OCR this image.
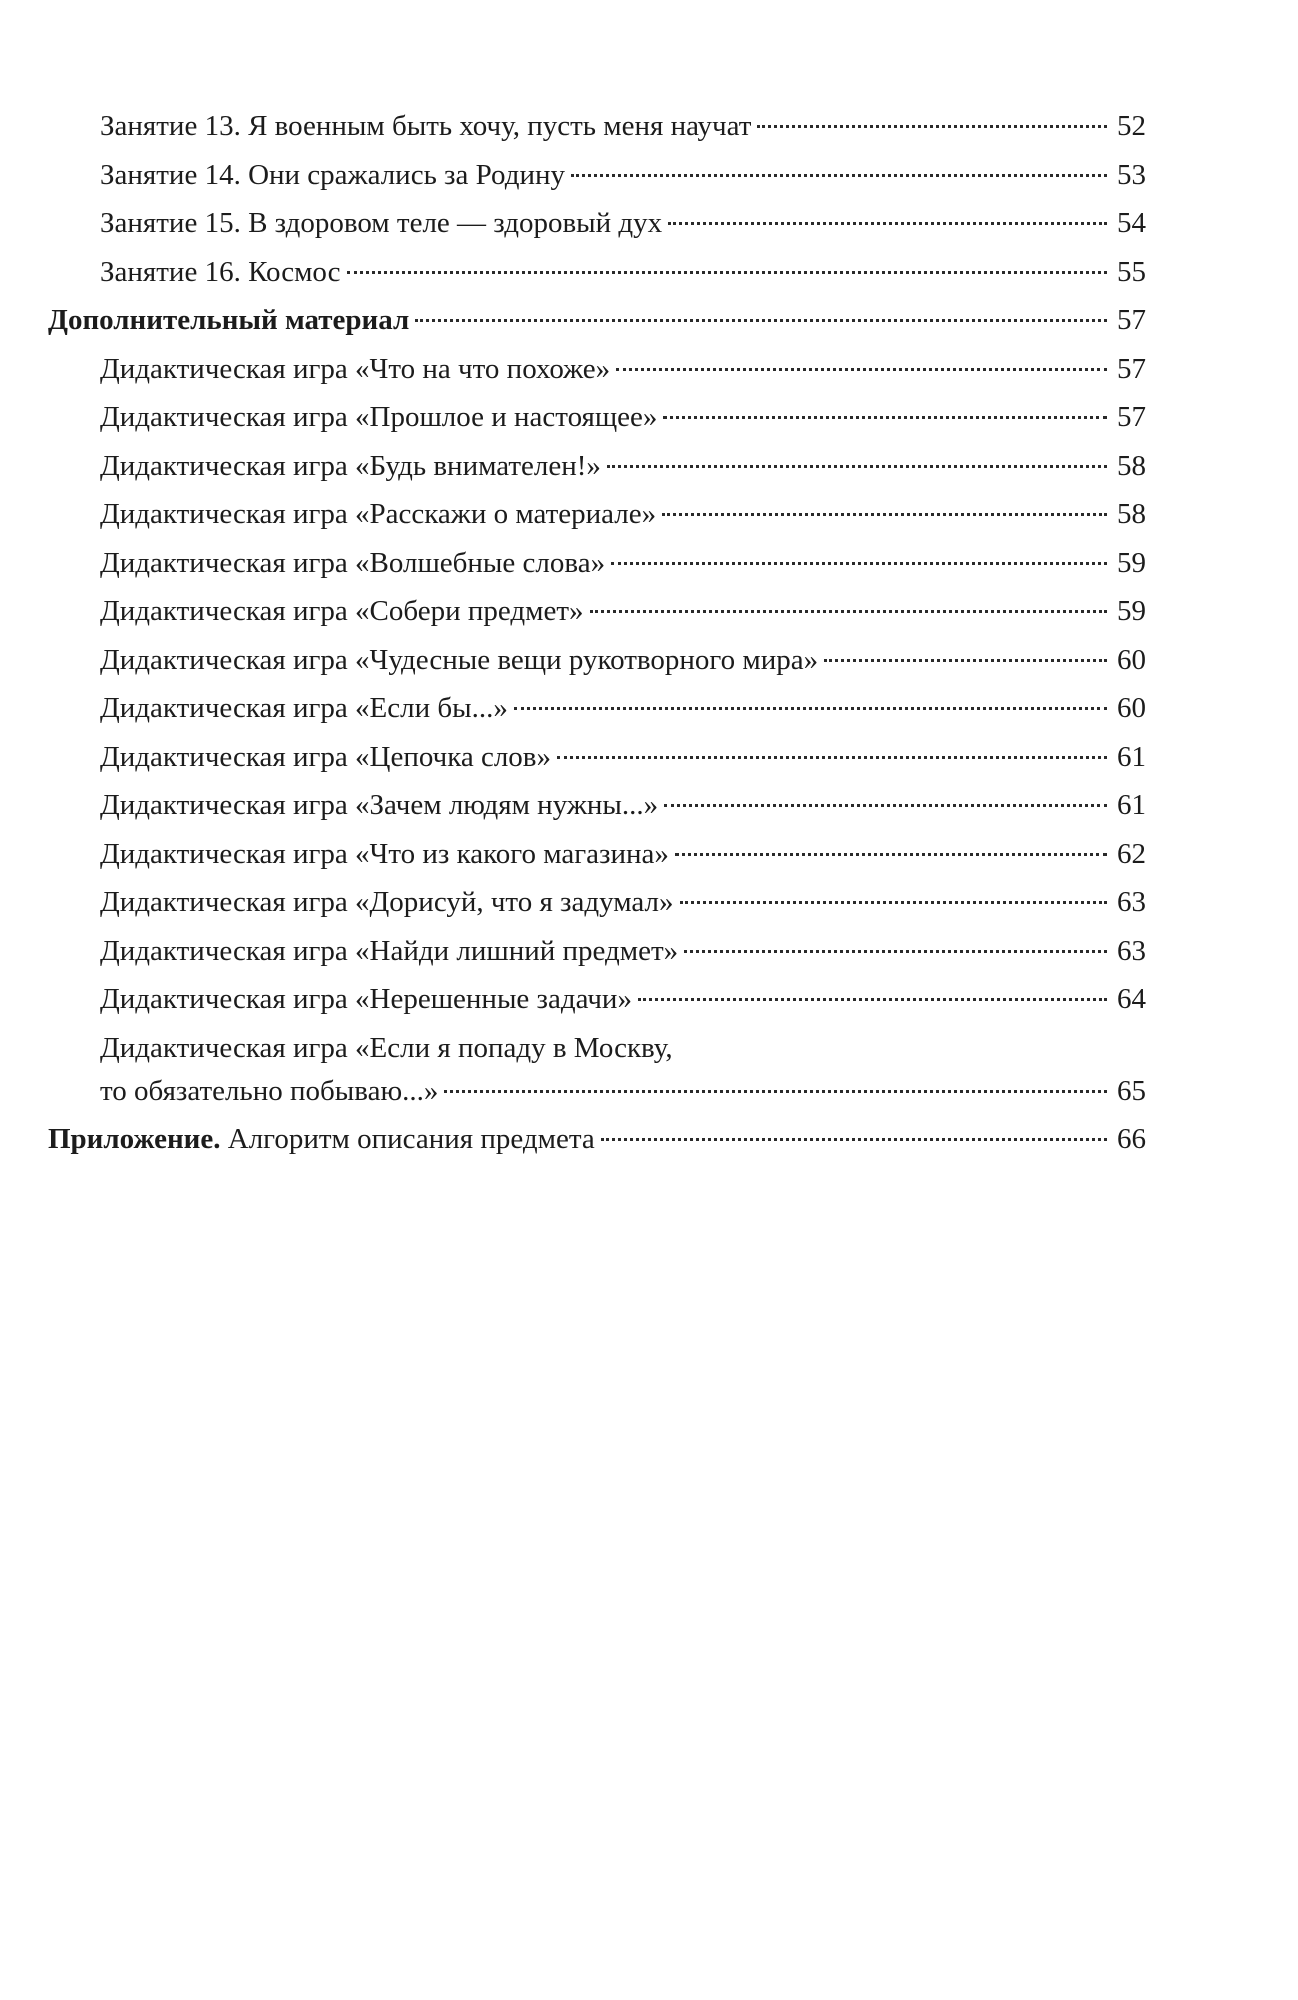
Занятие 13. Я военным быть хочу, пусть меня научат	52
Занятие 14. Они сражались за Родину	53
Занятие 15. В здоровом теле — здоровый дух	54
Занятие 16. Космос	55
Дополнительный материал	57
Дидактическая игра «Что на что похоже»	57
Дидактическая игра «Прошлое и настоящее»	57
Дидактическая игра «Будь внимателен!»	58
Дидактическая игра «Расскажи о материале»	58
Дидактическая игра «Волшебные слова»	59
Дидактическая игра «Собери предмет»	59
Дидактическая игра «Чудесные вещи рукотворного мира»	60
Дидактическая игра «Если бы...»	60
Дидактическая игра «Цепочка слов»	61
Дидактическая игра «Зачем людям нужны...»	61
Дидактическая игра «Что из какого магазина»	62
Дидактическая игра «Дорисуй, что я задумал»	63
Дидактическая игра «Найди лишний предмет»	63
Дидактическая игра «Нерешенные задачи»	64
Дидактическая игра «Если я попаду в Москву,
то обязательно побываю...»	65
Приложение. Алгоритм описания предмета	66
